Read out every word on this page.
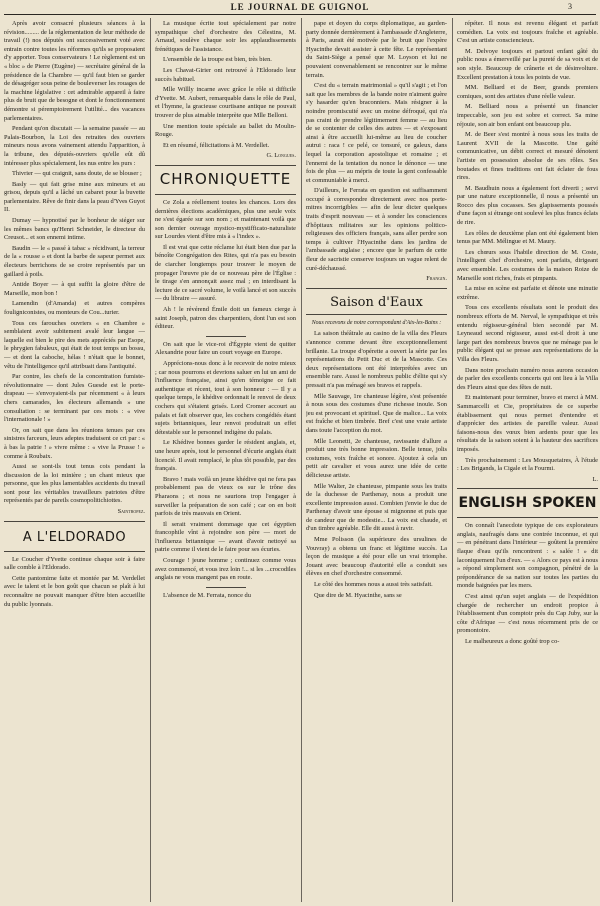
LE JOURNAL DE GUIGNOL	3

Après avoir consacré plusieurs séances à la révision......... de la réglementation de leur méthode de travail (!) nos députés ont successivement voté avec entrain contre toutes les réformes qu'ils se proposaient d'y apporter. Tous conservateurs ! Le règlement est un « bloc » de Pierre (Eugène) — secrétaire général de la présidence de la Chambre — qu'il faut bien se garder de désagréger sous peine de bouleverser les rouages de la machine législative : cet admirable appareil à faire plus de bruit que de besogne et dont le fonctionnement démontre si péremptoirement l'utilité... des vacances parlementaires.

Pendant qu'on discutait — la semaine passée — au Palais-Bourbon, la Loi des retraites des ouvriers mineurs nous avons vainement attendu l'apparition, à la tribune, des députés-ouvriers qu'elle eût dû intéresser plus spécialement, les nus entre les purs :

Thivrier — qui craignit, sans doute, de se blouser ;

Basly — qui fait grise mine aux mineurs et au grisou, depuis qu'il a lâché un cabaret pour la buvette parlementaire. Rêve de finir dans la peau d'Yves Guyot II.

Dumay — hypnotisé par le bonheur de siéger sur les mêmes bancs qu'Henri Schneider, le directeur du Creusot... et son ennemi intime.

Baudin — le « passé à tabac » récidivant, la terreur de la « rousse » et dont la barbe de sapeur permet aux électeurs berrichons de se croire représentés par un gaillard à poils.

Antide Boyer — à qui suffit la gloire d'être de Marseille, mon bon !

Lamendin (d'Amanda) et autres compères fouligniconistes, ou monteurs de Cou...turier.

Tous ces farouches ouvriers « en Chambre » semblaient avoir subitement avalé leur langue — laquelle est bien le pire des mets appréciés par Esope, le phrygien fabuleux, qui était de tout temps un bossu, — et dont la caboche, hélas ! n'était que le bonnet, vêtu de l'intelligence qu'il attribuait dans l'antiquité.

Par contre, les chefs de la concentration fumiste-révolutionnaire — dont Jules Guesde est le porte-drapeau — s'envoyaient-ils par récemment « à leurs chers camarades, les électeurs allemands » une consultation : se terminant par ces mots : « vive l'internationale ! »

Or, on sait que dans les réunions tenues par ces sinistres farceurs, leurs adeptes traduisent ce cri par : « à bas la patrie ! » vivre même : « vive la Prusse ! » comme à Roubaix.

Aussi se sont-ils tout tenus cois pendant la discussion de la loi minière ; un chant mieux que personne, que les plus lamentables accidents du travail sont pour les véritables travailleurs patriotes d'être représentés par de pareils cosmopolitichiottes.

Saintropez.

A L'ELDORADO

Le Coucher d'Yvette continue chaque soir à faire salle comble à l'Eldorado.

Cette pantomime faite et montée par M. Verdellet avec le talent et le bon goût que chacun se plaît à lui reconnaître ne pouvait manquer d'être bien accueillie du public lyonnais.

La musique écrite tout spécialement par notre sympathique chef d'orchestre des Célestins, M. Arnaud, soulève chaque soir les applaudissements frénétiques de l'assistance.

L'ensemble de la troupe est bien, très bien.

Les Chavat-Girier ont retrouvé à l'Eldorado leur succès habituel.

Mlle Willly incarne avec grâce le rôle si difficile d'Yvette. M. Aubert, remarquable dans le rôle de Paul, et l'hymne, la gracieuse courtisane antique ne pouvait trouver de plus aimable interprète que Mlle Belloni.

Une mention toute spéciale au ballet du Moulin-Rouge.

Et en résumé, félicitations à M. Verdellet.

G. Longues.

CHRONIQUETTE

Ce Zola a réellement toutes les chances. Lors des dernières élections académiques, plus une seule voix ne s'est égarée sur son nom ; et maintenant voilà que son dernier ouvrage mystico-mystifficato-naturaliste sur Lourdes vient d'être mis à « l'index ».

Il est vrai que cette réclame lui était bien due par la bénoîte Congrégation des Rites, qui n'a pas eu besoin de ciarcher longtemps pour trouver le moyen de propager l'œuvre pie de ce nouveau père de l'Église : le tirage s'en annonçait assez mal ; en interdisant la lecture de ce sacré volume, le voilà lancé et son succès — du libraire — assuré.

Ah ! le révérend Émile doit un fameux cierge à saint Joseph, patron des charpentiers, dont l'un est son éditeur.

On sait que le vice-roi d'Égypte vient de quitter Alexandrie pour faire un court voyage en Europe.

Apprécions-nous donc à le recevoir de notre mieux ; car nous pourrons et devrions saluer en lui un ami de l'influence française, ainsi qu'en témoigne ce fait authentique et récent, tout à son honneur : — Il y a quelque temps, le khédive ordonnait le renvoi de deux cochers qui s'étaient grisés. Lord Cromer accourt au palais et fait observer que, les cochers congédiés étant sujets britanniques, leur renvoi produirait un effet détestable sur le personnel indigène du palais.

Le Khédive bonnes garder le résident anglais, et, une heure après, tout le personnel d'écurie anglais était licencié. Il avait remplacé, le plus tôt possible, par des français.

Bravo ! mais voilà un jeune khédive qui ne fera pas probablement pas de vieux os sur le trône des Pharaons ; et nous ne saurions trop l'engager à surveiller la préparation de son café ; car on en boit parfois de très mauvais en Orient.

Il serait vraiment dommage que cet égyptien francophile vînt à rejoindre son père — mort de l'influenza britannique — avant d'avoir nettoyé sa patrie comme il vient de le faire pour ses écuries.

Courage ! jeune homme ; continuez comme vous avez commencé, et vous irez loin !... si les ...crocodiles anglais ne vous mangent pas en route.

L'absence de M. Ferrata, nonce du

pape et doyen du corps diplomatique, au garden-party donnée dernièrement à l'ambassade d'Angleterre, à Paris, aurait été motivée par le bruit que l'expère Hyacinthe devait assister à cette fête. Le représentant du Saint-Siège a pensé que M. Loyson et lui ne pouvaient convenablement se rencontrer sur le même terrain.

C'est du « terrain matrimonial » qu'il s'agit ; et l'on sait que les membres de la bande noire n'aiment guère s'y hasarder qu'en braconniers. Mais résigner à la noindre promiscuité avec un moine défroqué, qui n'a pas craint de prendre légitimement femme — au lieu de se contenter de celles des autres — et s'exposant ainsi à être accueilli lui-même au lieu de coucher autrui : raca ! ce pelé, ce tonsuré, ce galeux, dans lequel la corporation apostolique et romaine ; et l'ennemi de la tentation du nonce le dénonce — une fois de plus — au mépris de toute la gent confessable et communiable à merci.

D'ailleurs, le Ferrata en question est suffisamment occupé à correspondre directement avec nos porte-mitres incorrigibles — afin de leur dicter quelques traits d'esprit nouveau — et à sonder les consciences d'hôpitaux militaires sur les opinions politico-religieuses des officiers français, sans aller perdre son temps à cultiver l'Hyacinthe dans les jardins de l'ambassade anglaise ; encore que le parfum de cette fleur de sacristie conserve toujours un vague relent de curé-déchaussé.

Frangin.

Saison d'Eaux

Nous recevons de notre correspondant d'Aix-les-Bains :

La saison théâtrale au casino de la villa des Fleurs s'annonce comme devant être exceptionnellement brillante. La troupe d'opérette a ouvert la série par les représentations du Petit Duc et de la Mascotte. Ces deux représentations ont été interprétées avec un ensemble rare. Aussi le nombreux public d'élite qui s'y pressait n'a pas ménagé ses bravos et rappels.

Mlle Sauvage, 1re chanteuse légère, s'est présentée à nous sous des costumes d'une richesse inouïe. Son jeu est provocant et spirituel. Que de malice... La voix est fraîche et bien timbrée. Bref c'est une vraie artiste dans toute l'acception du mot.

Mlle Leonetti, 2e chanteuse, ravissante d'allure a produit une très bonne impression. Belle tenue, jolis costumes, voix fraîche et sonore. Ajoutez à cela un petit air cavalier et vous aurez une idée de cette délicieuse artiste.

Mlle Walter, 2e chanteuse, pimpante sous les traits de la duchesse de Parthenay, nous a produit une excellente impression aussi. Combien j'envie le duc de Parthenay d'avoir une épouse si mignonne et puis que de candeur que de modestie... La voix est chaude, et d'un timbre agréable. Elle dit aussi à ravir.

Mme Polisson (la supérieure des ursulines de Vouvray) a obtenu un franc et légitime succès. La leçon de musique a été pour elle un vrai triomphe. Jouant avec beaucoup d'autorité elle a conduit ses élèves en chef d'orchestre consommé.

Le côté des hommes nous a aussi très satisfait.

Que dire de M. Hyacinthe, sans se

répéter. Il nous est revenu élégant et parfait comédien. La voix est toujours fraîche et agréable. C'est un artiste consciencieux.

M. Delvoye toujours et partout enfant gâté du public nous a émerveillé par la pureté de sa voix et de son style. Beaucoup de crânerie et de désinvolture. Excellent prestation à tous les points de vue.

MM. Belliard et de Beer, grands premiers comiques, sont des artistes d'une réelle valeur.

M. Belliard nous a présenté un financier impeccable, son jeu est sobre et correct. Sa mine réjouie, son air bon enfant ont beaucoup plu.

M. de Beer s'est montré à nous sous les traits de Laurent XVII de la Mascotte. Une gaîté communicative, un débit correct et mesuré dénotent l'artiste en possession absolue de ses rôles. Ses boutades et fines traditions ont fait éclater de fous rires.

M. Baudhuin nous a également fort diverti ; servi par une nature exceptionnelle, il nous a présenté un Rocco des plus cocasses. Ses glapissements poussés d'une façon si étrange ont soulevé les plus francs éclats de rire.

Les rôles de deuxième plan ont été également bien tenus par MM. Mélingue et M. Maury.

Les chœurs sous l'habile direction de M. Coste, l'intelligent chef d'orchestre, sont parfaits, dirigeant avec ensemble. Les costumes de la maison Roize de Marseille sont riches, frais et pimpants.

La mise en scène est parfaite et dénote une minutie extrême.

Tous ces excellents résultats sont le produit des nombreux efforts de M. Nerval, le sympathique et très entendu régisseur-général bien secondé par M. Leyneaud second régisseur, aussi est-il droit à une large part des nombreux bravos que ne ménage pas le public élégant qui se presse aux représentations de la Villa des Fleurs.

Dans notre prochain numéro nous aurons occasion de parler des excellents concerts qui ont lieu à la Villa des Fleurs ainsi que des fêtes de nuit.

Et maintenant pour terminer, bravo et merci à MM. Sammarcelli et Cie, propriétaires de ce superbe établissement qui nous permet d'entendre et d'apprécier des artistes de pareille valeur. Aussi faisons-nous des vœux bien ardents pour que les résultats de la saison soient à la hauteur des sacrifices imposés.

Très prochainement : Les Mousquetaires, À l'étude : Les Brigands, la Cigale et la Fourmi.

L.

ENGLISH SPOKEN

On connaît l'anecdote typique de ces explorateurs anglais, naufragés dans une contrée inconnue, et qui — en pénétrant dans l'intérieur — goûtent la première flaque d'eau qu'ils rencontrent : « salée ! » dit laconiquement l'un d'eux. — « Alors ce pays est à nous » répond simplement son compagnon, pénétré de la prépondérance de sa nation sur toutes les parties du monde baignées par les mers.

C'est ainsi qu'un sujet anglais — de l'expédition chargée de rechercher un endroit propice à l'établissement d'un comptoir près du Cap Juby, sur la côte d'Afrique — c'est nous récemment pris de ce promontoire.

Le malheureux a donc goûté trop co-
